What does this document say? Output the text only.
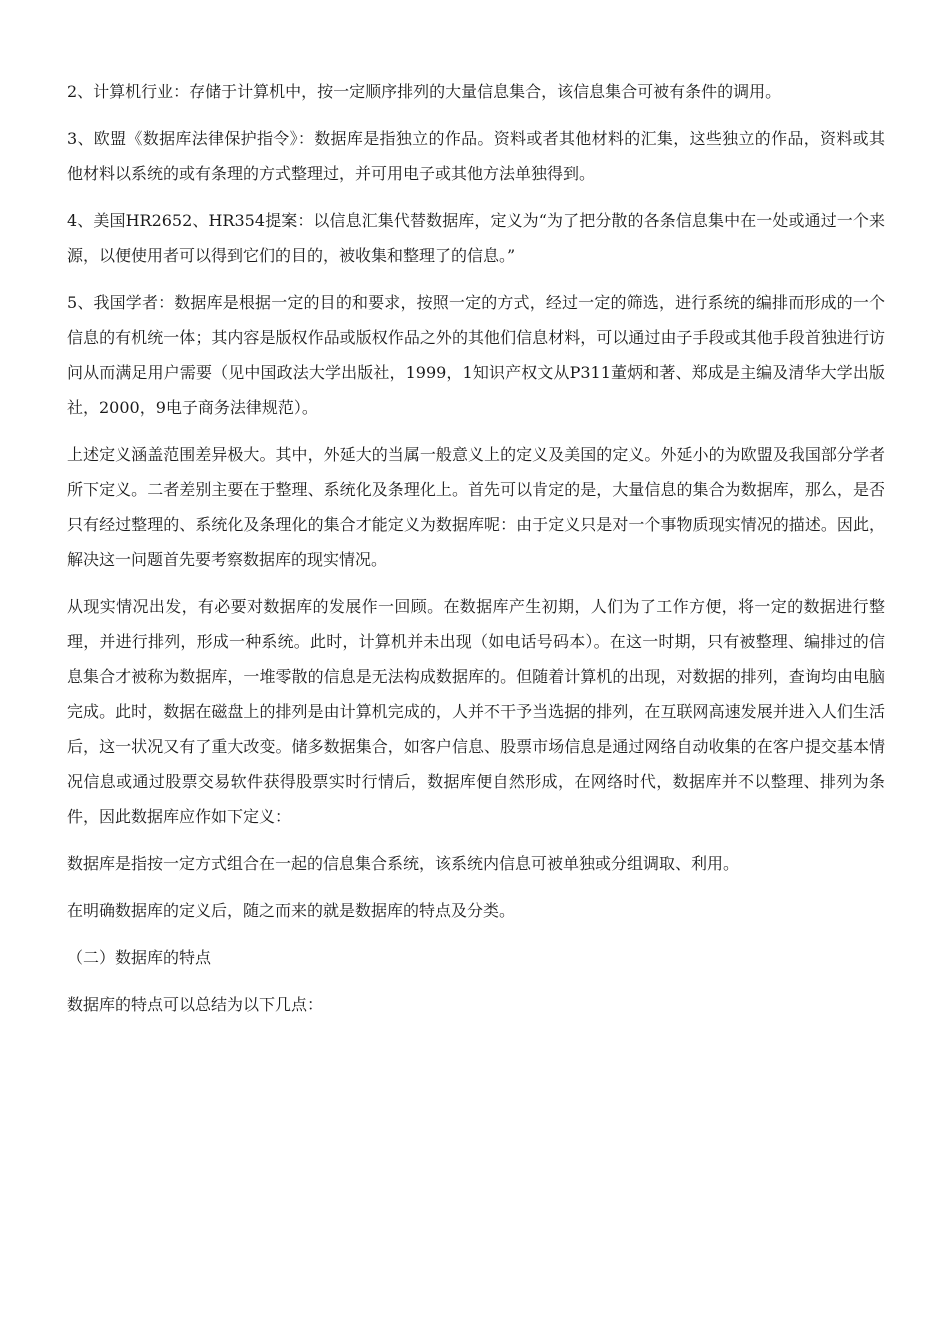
2、计算机行业：存储于计算机中，按一定顺序排列的大量信息集合，该信息集合可被有条件的调用。

3、欧盟《数据库法律保护指令》：数据库是指独立的作品。资料或者其他材料的汇集，这些独立的作品，资料或其他材料以系统的或有条理的方式整理过，并可用电子或其他方法单独得到。

4、美国HR2652、HR354提案：以信息汇集代替数据库，定义为“为了把分散的各条信息集中在一处或通过一个来源，以便使用者可以得到它们的目的，被收集和整理了的信息。”

5、我国学者：数据库是根据一定的目的和要求，按照一定的方式，经过一定的筛选，进行系统的编排而形成的一个信息的有机统一体；其内容是版权作品或版权作品之外的其他们信息材料，可以通过由子手段或其他手段首独进行访问从而满足用户需要（见中国政法大学出版社，1999，1知识产权文从P311董炳和著、郑成是主编及清华大学出版社，2000，9电子商务法律规范）。

上述定义涵盖范围差异极大。其中，外延大的当属一般意义上的定义及美国的定义。外延小的为欧盟及我国部分学者所下定义。二者差别主要在于整理、系统化及条理化上。首先可以肯定的是，大量信息的集合为数据库，那么，是否只有经过整理的、系统化及条理化的集合才能定义为数据库呢：由于定义只是对一个事物质现实情况的描述。因此，解决这一问题首先要考察数据库的现实情况。

从现实情况出发，有必要对数据库的发展作一回顾。在数据库产生初期，人们为了工作方便，将一定的数据进行整理，并进行排列，形成一种系统。此时，计算机并未出现（如电话号码本）。在这一时期，只有被整理、编排过的信息集合才被称为数据库，一堆零散的信息是无法构成数据库的。但随着计算机的出现，对数据的排列，查询均由电脑完成。此时，数据在磁盘上的排列是由计算机完成的，人并不干予当选据的排列，在互联网高速发展并进入人们生活后，这一状况又有了重大改变。储多数据集合，如客户信息、股票市场信息是通过网络自动收集的在客户提交基本情况信息或通过股票交易软件获得股票实时行情后，数据库便自然形成，在网络时代，数据库并不以整理、排列为条件，因此数据库应作如下定义：

数据库是指按一定方式组合在一起的信息集合系统，该系统内信息可被单独或分组调取、利用。

在明确数据库的定义后，随之而来的就是数据库的特点及分类。

（二）数据库的特点

数据库的特点可以总结为以下几点：
